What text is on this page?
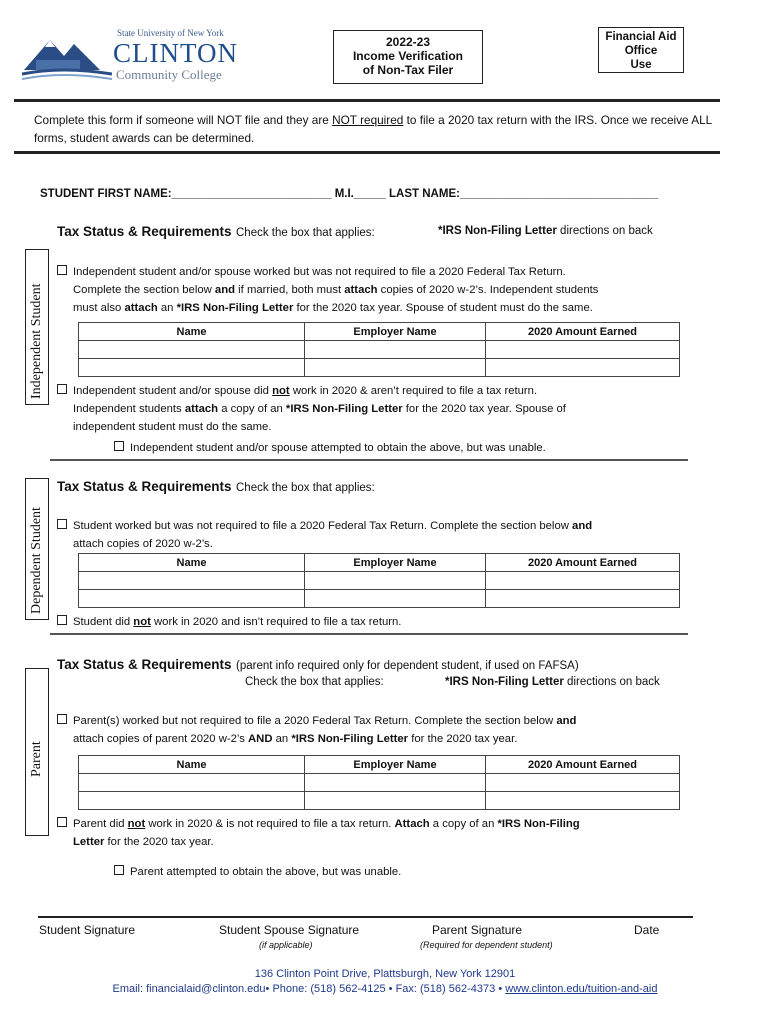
State University of New York
CLINTON
Community College
2022-23
Income Verification
of Non-Tax Filer
Financial Aid
Office
Use
Complete this form if someone will NOT file and they are NOT required to file a 2020 tax return with the IRS. Once we receive ALL forms, student awards can be determined.
STUDENT FIRST NAME:_________________________ M.I._____ LAST NAME:_______________________________
Independent Student
Tax Status & Requirements Check the box that applies:	*IRS Non-Filing Letter directions on back
Independent student and/or spouse worked but was not required to file a 2020 Federal Tax Return.
Complete the section below and if married, both must attach copies of 2020 w-2’s. Independent students
must also attach an *IRS Non-Filing Letter for the 2020 tax year. Spouse of student must do the same.
Name	Employer Name	2020 Amount Earned

Independent student and/or spouse did not work in 2020 & aren’t required to file a tax return.
Independent students attach a copy of an *IRS Non-Filing Letter for the 2020 tax year. Spouse of
independent student must do the same.
Independent student and/or spouse attempted to obtain the above, but was unable.
Dependent Student
Tax Status & Requirements Check the box that applies:
Student worked but was not required to file a 2020 Federal Tax Return. Complete the section below and
attach copies of 2020 w-2’s.
Name	Employer Name	2020 Amount Earned

Student did not work in 2020 and isn’t required to file a tax return.
Parent
Tax Status & Requirements (parent info required only for dependent student, if used on FAFSA)
Check the box that applies:	*IRS Non-Filing Letter directions on back
Parent(s) worked but not required to file a 2020 Federal Tax Return. Complete the section below and
attach copies of parent 2020 w-2’s AND an *IRS Non-Filing Letter for the 2020 tax year.
Name	Employer Name	2020 Amount Earned

Parent did not work in 2020 & is not required to file a tax return. Attach a copy of an *IRS Non-Filing
Letter for the 2020 tax year.
Parent attempted to obtain the above, but was unable.
Student Signature	Student Spouse Signature
(if applicable)
Parent Signature
(Required for dependent student)
Date
136 Clinton Point Drive, Plattsburgh, New York 12901
Email: financialaid@clinton.edu• Phone: (518) 562-4125 • Fax: (518) 562-4373 • www.clinton.edu/tuition-and-aid
